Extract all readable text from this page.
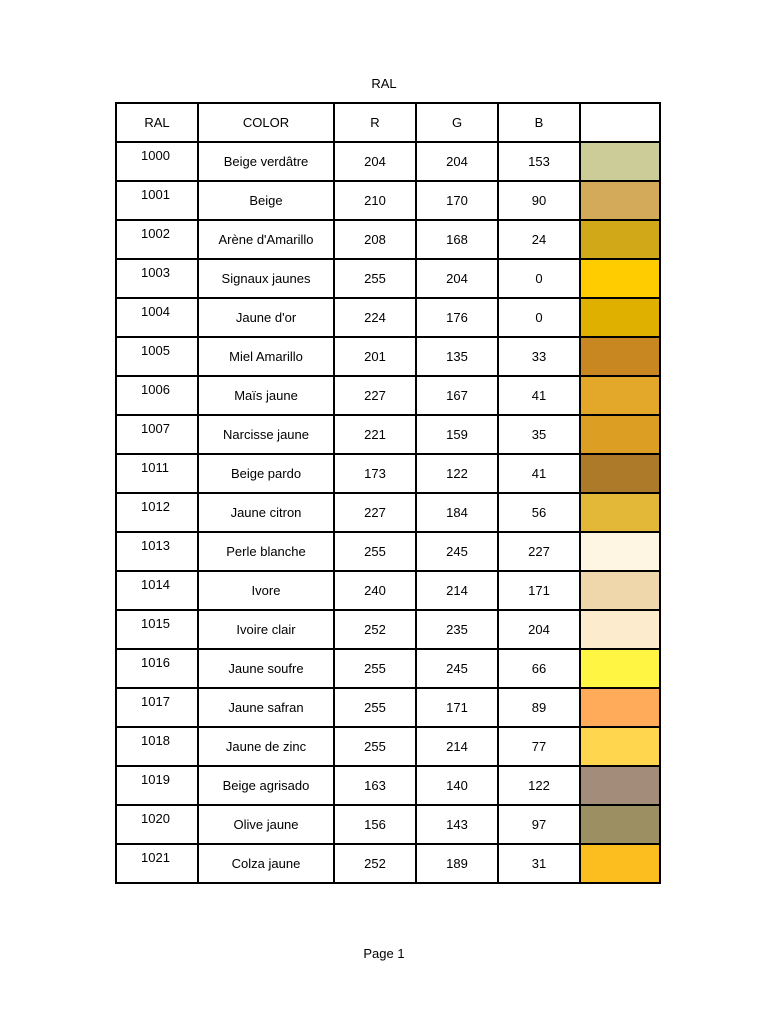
RAL
RAL	COLOR	R	G	B	
1000	Beige verdâtre	204	204	153	

1001	Beige	210	170	90	

1002	Arène d'Amarillo	208	168	24	

1003	Signaux jaunes	255	204	0	

1004	Jaune d'or	224	176	0	

1005	Miel Amarillo	201	135	33	

1006	Maïs jaune	227	167	41	

1007	Narcisse jaune	221	159	35	

1011	Beige pardo	173	122	41	

1012	Jaune citron	227	184	56	

1013	Perle blanche	255	245	227	

1014	Ivore	240	214	171	

1015	Ivoire clair	252	235	204	

1016	Jaune soufre	255	245	66	

1017	Jaune safran	255	171	89	

1018	Jaune de zinc	255	214	77	

1019	Beige agrisado	163	140	122	

1020	Olive jaune	156	143	97	

1021	Colza jaune	252	189	31	
Page 1
